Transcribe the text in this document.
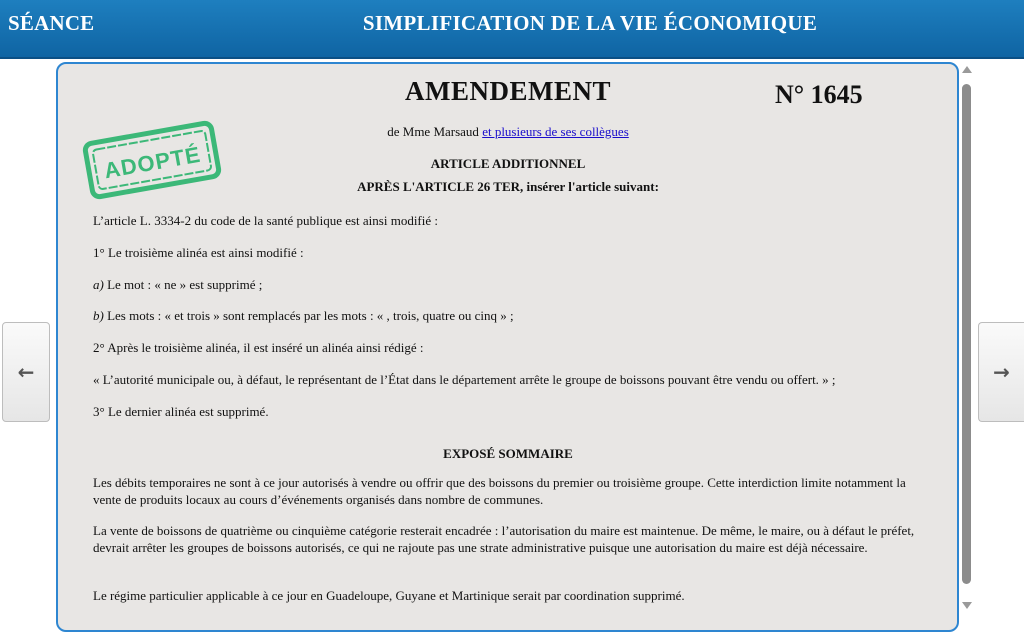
SÉANCE	SIMPLIFICATION DE LA VIE ÉCONOMIQUE
←	→
AMENDEMENT	N° 1645
de Mme Marsaud et plusieurs de ses collègues
ADOPTÉ	ARTICLE ADDITIONNEL
APRÈS L'ARTICLE 26 TER, insérer l'article suivant:
L’article L. 3334-2 du code de la santé publique est ainsi modifié :
1° Le troisième alinéa est ainsi modifié :
a) Le mot : « ne » est supprimé ;
b) Les mots : « et trois » sont remplacés par les mots : « , trois, quatre ou cinq » ;
2° Après le troisième alinéa, il est inséré un alinéa ainsi rédigé :
« L’autorité municipale ou, à défaut, le représentant de l’État dans le département arrête le groupe de boissons pouvant être vendu ou offert. » ;
3° Le dernier alinéa est supprimé.
EXPOSÉ SOMMAIRE
Les débits temporaires ne sont à ce jour autorisés à vendre ou offrir que des boissons du premier ou troisième groupe. Cette interdiction limite notamment la vente de produits locaux au cours d’événements organisés dans nombre de communes.
La vente de boissons de quatrième ou cinquième catégorie resterait encadrée : l’autorisation du maire est maintenue. De même, le maire, ou à défaut le préfet, devrait arrêter les groupes de boissons autorisés, ce qui ne rajoute pas une strate administrative puisque une autorisation du maire est déjà nécessaire.
Le régime particulier applicable à ce jour en Guadeloupe, Guyane et Martinique serait par coordination supprimé.
